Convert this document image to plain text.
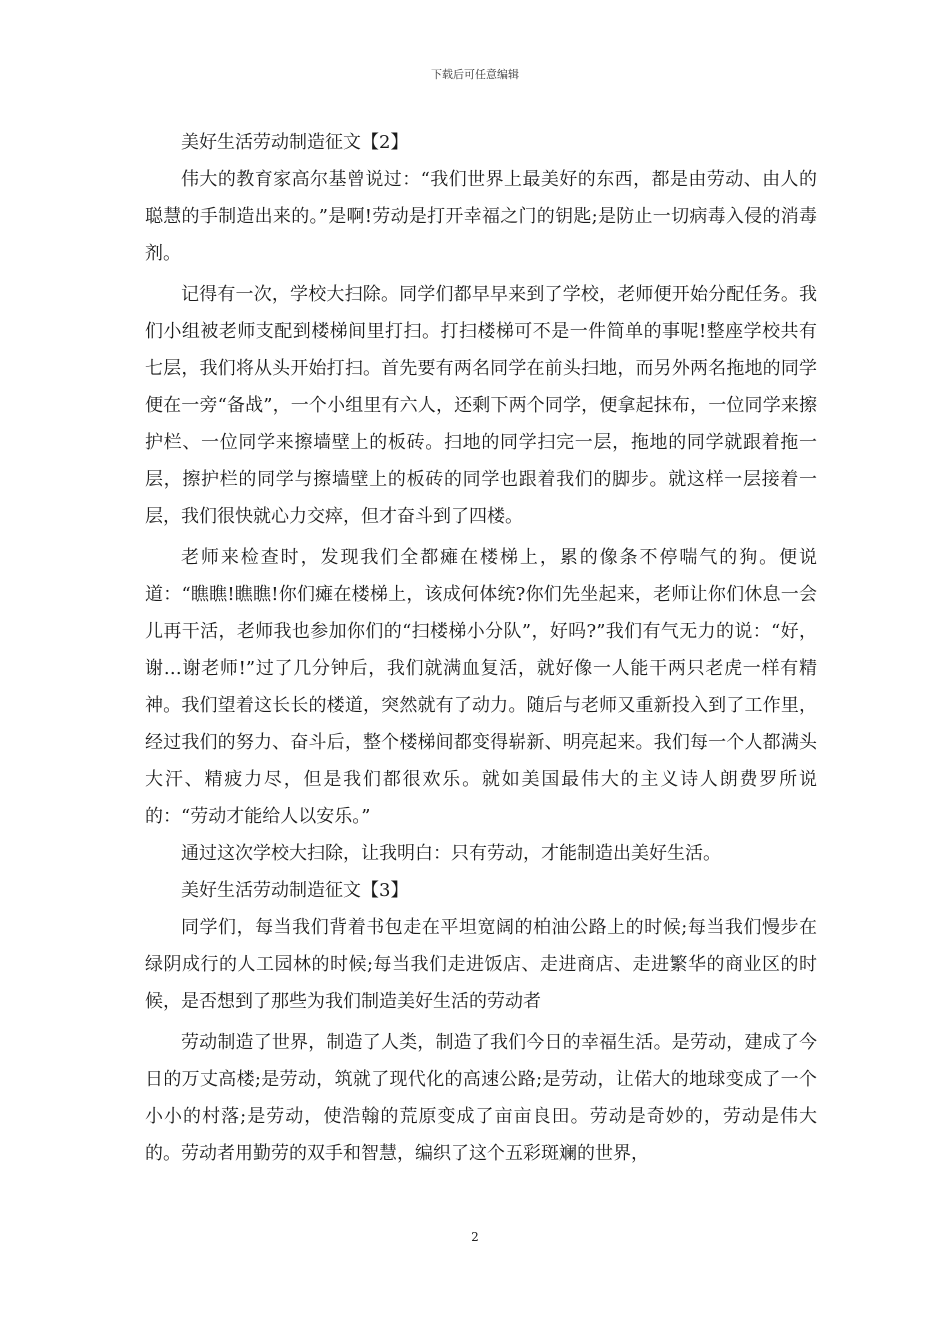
下载后可任意编辑

美好生活劳动制造征文【2】

伟大的教育家高尔基曾说过：“我们世界上最美好的东西，都是由劳动、由人的聪慧的手制造出来的。”是啊!劳动是打开幸福之门的钥匙;是防止一切病毒入侵的消毒剂。

记得有一次，学校大扫除。同学们都早早来到了学校，老师便开始分配任务。我们小组被老师支配到楼梯间里打扫。打扫楼梯可不是一件简单的事呢!整座学校共有七层，我们将从头开始打扫。首先要有两名同学在前头扫地，而另外两名拖地的同学便在一旁“备战”，一个小组里有六人，还剩下两个同学，便拿起抹布，一位同学来擦护栏、一位同学来擦墙壁上的板砖。扫地的同学扫完一层，拖地的同学就跟着拖一层，擦护栏的同学与擦墙壁上的板砖的同学也跟着我们的脚步。就这样一层接着一层，我们很快就心力交瘁，但才奋斗到了四楼。

老师来检查时，发现我们全都瘫在楼梯上，累的像条不停喘气的狗。便说道：“瞧瞧!瞧瞧!你们瘫在楼梯上，该成何体统?你们先坐起来，老师让你们休息一会儿再干活，老师我也参加你们的“扫楼梯小分队”，好吗?”我们有气无力的说：“好，谢…谢老师!”过了几分钟后，我们就满血复活，就好像一人能干两只老虎一样有精神。我们望着这长长的楼道，突然就有了动力。随后与老师又重新投入到了工作里，经过我们的努力、奋斗后，整个楼梯间都变得崭新、明亮起来。我们每一个人都满头大汗、精疲力尽，但是我们都很欢乐。就如美国最伟大的主义诗人朗费罗所说的：“劳动才能给人以安乐。”

通过这次学校大扫除，让我明白：只有劳动，才能制造出美好生活。

美好生活劳动制造征文【3】

同学们，每当我们背着书包走在平坦宽阔的柏油公路上的时候;每当我们慢步在绿阴成行的人工园林的时候;每当我们走进饭店、走进商店、走进繁华的商业区的时候，是否想到了那些为我们制造美好生活的劳动者

劳动制造了世界，制造了人类，制造了我们今日的幸福生活。是劳动，建成了今日的万丈高楼;是劳动，筑就了现代化的高速公路;是劳动，让偌大的地球变成了一个小小的村落;是劳动，使浩翰的荒原变成了亩亩良田。劳动是奇妙的，劳动是伟大的。劳动者用勤劳的双手和智慧，编织了这个五彩斑斓的世界，

2
